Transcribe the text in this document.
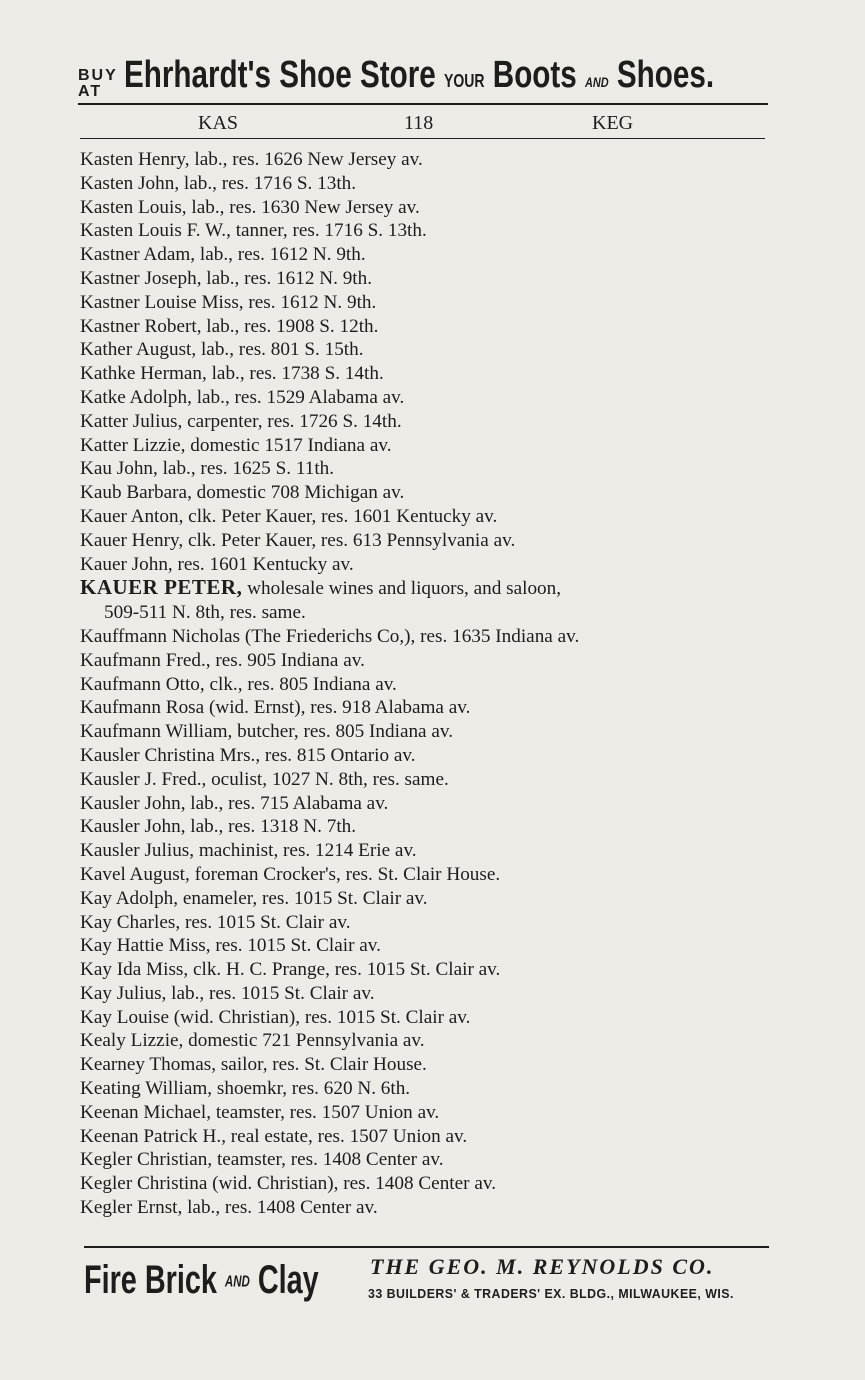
BUY
AT Ehrhardt's Shoe Store YOUR Boots AND Shoes.
KAS	118	KEG
Kasten Henry, lab., res. 1626 New Jersey av.
Kasten John, lab., res. 1716 S. 13th.
Kasten Louis, lab., res. 1630 New Jersey av.
Kasten Louis F. W., tanner, res. 1716 S. 13th.
Kastner Adam, lab., res. 1612 N. 9th.
Kastner Joseph, lab., res. 1612 N. 9th.
Kastner Louise Miss, res. 1612 N. 9th.
Kastner Robert, lab., res. 1908 S. 12th.
Kather August, lab., res. 801 S. 15th.
Kathke Herman, lab., res. 1738 S. 14th.
Katke Adolph, lab., res. 1529 Alabama av.
Katter Julius, carpenter, res. 1726 S. 14th.
Katter Lizzie, domestic 1517 Indiana av.
Kau John, lab., res. 1625 S. 11th.
Kaub Barbara, domestic 708 Michigan av.
Kauer Anton, clk. Peter Kauer, res. 1601 Kentucky av.
Kauer Henry, clk. Peter Kauer, res. 613 Pennsylvania av.
Kauer John, res. 1601 Kentucky av.
KAUER PETER, wholesale wines and liquors, and saloon,
509-511 N. 8th, res. same.
Kauffmann Nicholas (The Friederichs Co,), res. 1635 Indiana av.
Kaufmann Fred., res. 905 Indiana av.
Kaufmann Otto, clk., res. 805 Indiana av.
Kaufmann Rosa (wid. Ernst), res. 918 Alabama av.
Kaufmann William, butcher, res. 805 Indiana av.
Kausler Christina Mrs., res. 815 Ontario av.
Kausler J. Fred., oculist, 1027 N. 8th, res. same.
Kausler John, lab., res. 715 Alabama av.
Kausler John, lab., res. 1318 N. 7th.
Kausler Julius, machinist, res. 1214 Erie av.
Kavel August, foreman Crocker's, res. St. Clair House.
Kay Adolph, enameler, res. 1015 St. Clair av.
Kay Charles, res. 1015 St. Clair av.
Kay Hattie Miss, res. 1015 St. Clair av.
Kay Ida Miss, clk. H. C. Prange, res. 1015 St. Clair av.
Kay Julius, lab., res. 1015 St. Clair av.
Kay Louise (wid. Christian), res. 1015 St. Clair av.
Kealy Lizzie, domestic 721 Pennsylvania av.
Kearney Thomas, sailor, res. St. Clair House.
Keating William, shoemkr, res. 620 N. 6th.
Keenan Michael, teamster, res. 1507 Union av.
Keenan Patrick H., real estate, res. 1507 Union av.
Kegler Christian, teamster, res. 1408 Center av.
Kegler Christina (wid. Christian), res. 1408 Center av.
Kegler Ernst, lab., res. 1408 Center av.
Fire Brick AND Clay THE GEO. M. REYNOLDS CO.
33 BUILDERS' & TRADERS' EX. BLDG., MILWAUKEE, WIS.
